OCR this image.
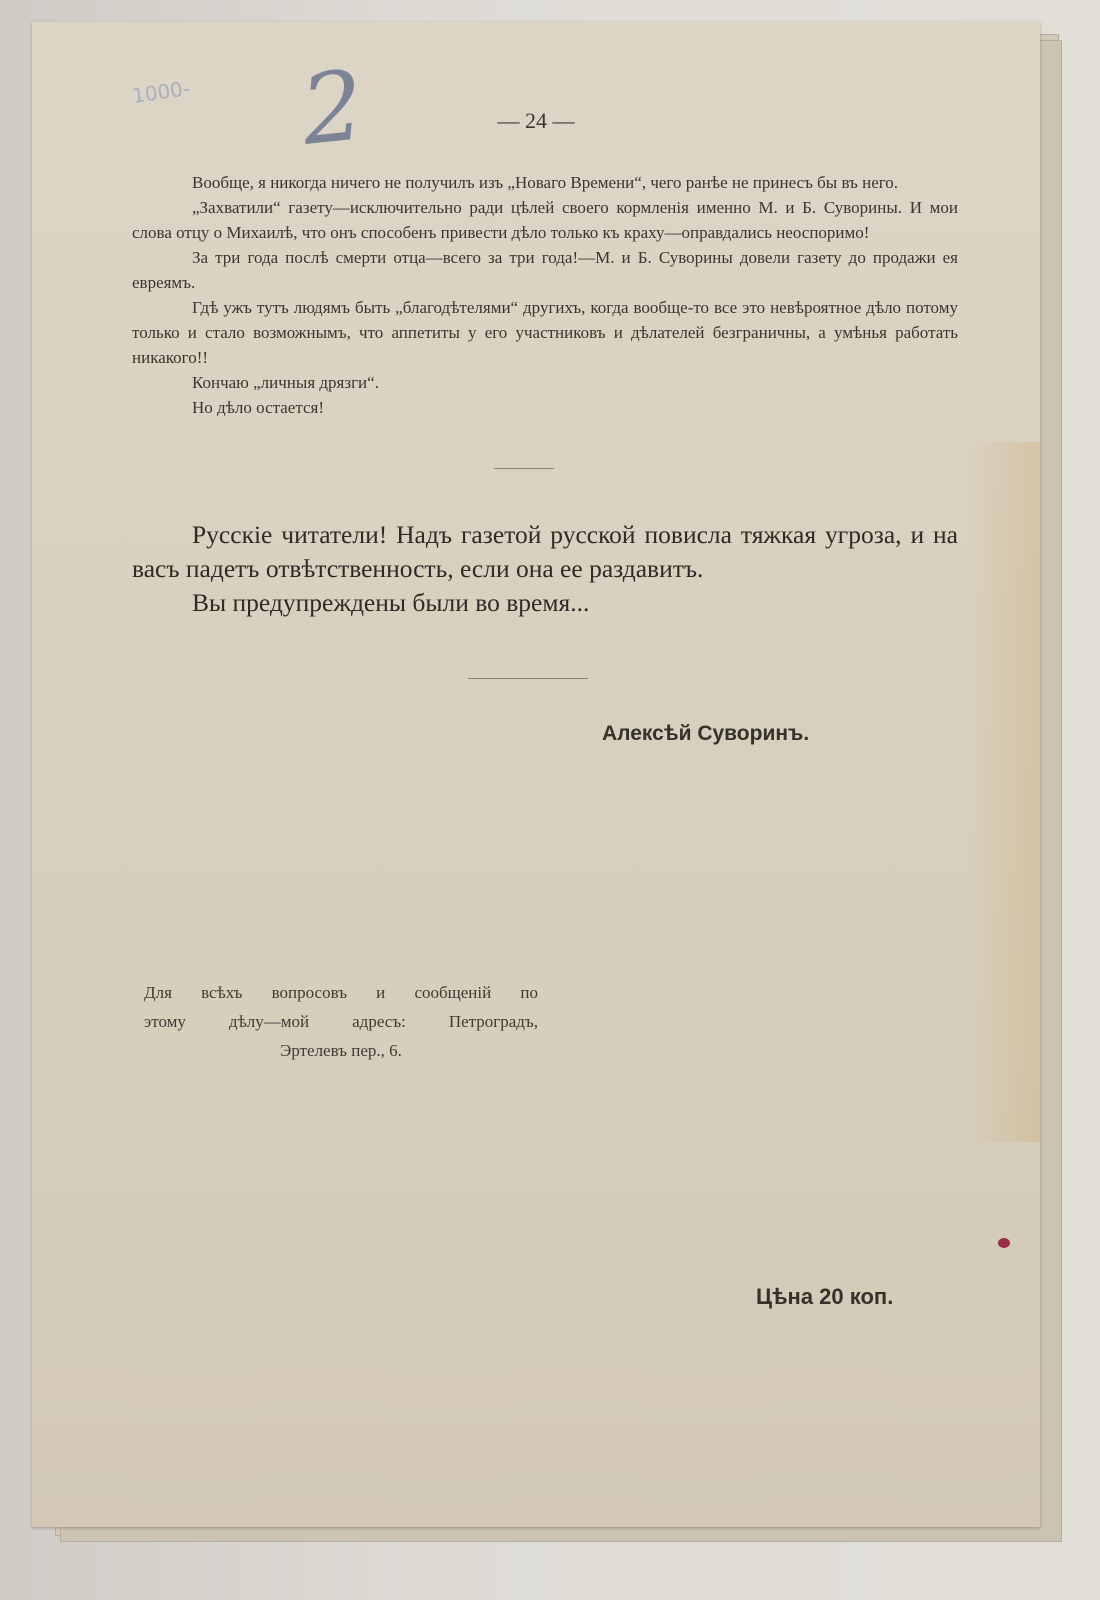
1000- 2	— 24 —

Вообще, я никогда ничего не получилъ изъ „Новаго Времени“, чего ранѣе не принесъ бы въ него.

„Захватили“ газету—исключительно ради цѣлей своего кормленія именно М. и Б. Суворины. И мои слова отцу о Михаилѣ, что онъ способенъ привести дѣло только къ краху—оправдались неоспоримо!

За три года послѣ смерти отца—всего за три года!—М. и Б. Суворины довели газету до продажи ея евреямъ.

Гдѣ ужъ тутъ людямъ быть „благодѣтелями“ другихъ, когда вообще-то все это невѣроятное дѣло потому только и стало возможнымъ, что аппетиты у его участниковъ и дѣлателей безграничны, а умѣнья работать никакого!!

Кончаю „личныя дрязги“.

Но дѣло остается!

Русскіе читатели! Надъ газетой русской повисла тяжкая угроза, и на васъ падетъ отвѣтственность, если она ее раздавитъ.

Вы предупреждены были во время...

Алексѣй Суворинъ.
Для всѣхъ вопросовъ и сообщеній по
этому дѣлу—мой адресъ: Петроградъ,
Эртелевъ пер., 6.
Цѣна 20 коп.
